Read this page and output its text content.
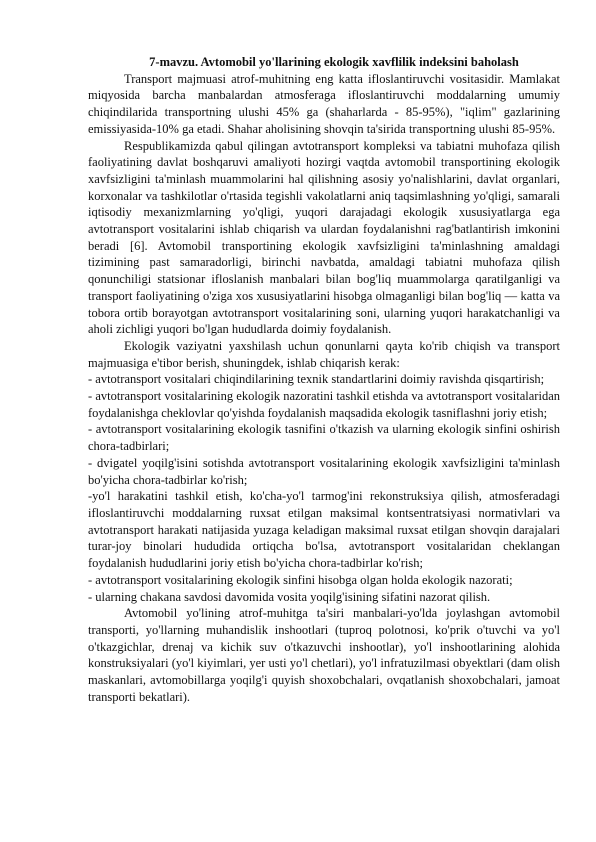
7-mavzu. Avtomobil yo'llarining ekologik xavflilik indeksini baholash

Transport majmuasi atrof-muhitning eng katta ifloslantiruvchi vositasidir. Mamlakat miqyosida barcha manbalardan atmosferaga ifloslantiruvchi moddalarning umumiy chiqindilarida transportning ulushi 45% ga (shaharlarda - 85-95%), "iqlim" gazlarining emissiyasida-10% ga etadi. Shahar aholisining shovqin ta'sirida transportning ulushi 85-95%.

Respublikamizda qabul qilingan avtotransport kompleksi va tabiatni muhofaza qilish faoliyatining davlat boshqaruvi amaliyoti hozirgi vaqtda avtomobil transportining ekologik xavfsizligini ta'minlash muammolarini hal qilishning asosiy yo'nalishlarini, davlat organlari, korxonalar va tashkilotlar o'rtasida tegishli vakolatlarni aniq taqsimlashning yo'qligi, samarali iqtisodiy mexanizmlarning yo'qligi, yuqori darajadagi ekologik xususiyatlarga ega avtotransport vositalarini ishlab chiqarish va ulardan foydalanishni rag'batlantirish imkonini beradi [6]. Avtomobil transportining ekologik xavfsizligini ta'minlashning amaldagi tizimining past samaradorligi, birinchi navbatda, amaldagi tabiatni muhofaza qilish qonunchiligi statsionar ifloslanish manbalari bilan bog'liq muammolarga qaratilganligi va transport faoliyatining o'ziga xos xususiyatlarini hisobga olmaganligi bilan bog'liq — katta va tobora ortib borayotgan avtotransport vositalarining soni, ularning yuqori harakatchanligi va aholi zichligi yuqori bo'lgan hududlarda doimiy foydalanish.

Ekologik vaziyatni yaxshilash uchun qonunlarni qayta ko'rib chiqish va transport majmuasiga e'tibor berish, shuningdek, ishlab chiqarish kerak:

- avtotransport vositalari chiqindilarining texnik standartlarini doimiy ravishda qisqartirish;

- avtotransport vositalarining ekologik nazoratini tashkil etishda va avtotransport vositalaridan foydalanishga cheklovlar qo'yishda foydalanish maqsadida ekologik tasniflashni joriy etish;

- avtotransport vositalarining ekologik tasnifini o'tkazish va ularning ekologik sinfini oshirish chora-tadbirlari;

- dvigatel yoqilg'isini sotishda avtotransport vositalarining ekologik xavfsizligini ta'minlash bo'yicha chora-tadbirlar ko'rish;

-yo'l harakatini tashkil etish, ko'cha-yo'l tarmog'ini rekonstruksiya qilish, atmosferadagi ifloslantiruvchi moddalarning ruxsat etilgan maksimal kontsentratsiyasi normativlari va avtotransport harakati natijasida yuzaga keladigan maksimal ruxsat etilgan shovqin darajalari turar-joy binolari hududida ortiqcha bo'lsa, avtotransport vositalaridan cheklangan foydalanish hududlarini joriy etish bo'yicha chora-tadbirlar ko'rish;

- avtotransport vositalarining ekologik sinfini hisobga olgan holda ekologik nazorati;

- ularning chakana savdosi davomida vosita yoqilg'isining sifatini nazorat qilish.

Avtomobil yo'lining atrof-muhitga ta'siri manbalari-yo'lda joylashgan avtomobil transporti, yo'llarning muhandislik inshootlari (tuproq polotnosi, ko'prik o'tuvchi va yo'l o'tkazgichlar, drenaj va kichik suv o'tkazuvchi inshootlar), yo'l inshootlarining alohida konstruksiyalari (yo'l kiyimlari, yer usti yo'l chetlari), yo'l infratuzilmasi obyektlari (dam olish maskanlari, avtomobillarga yoqilg'i quyish shoxobchalari, ovqatlanish shoxobchalari, jamoat transporti bekatlari).
